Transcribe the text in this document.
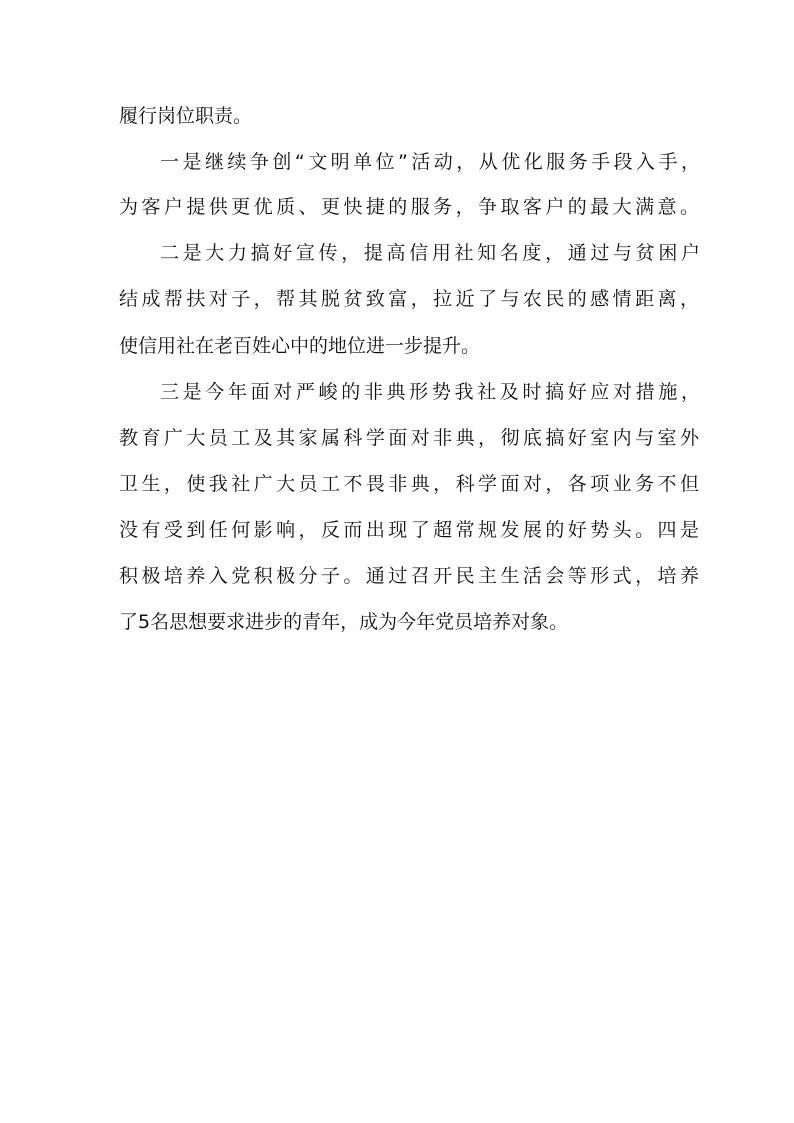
履行岗位职责。
一是继续争创“文明单位”活动，从优化服务手段入手，
为客户提供更优质、更快捷的服务，争取客户的最大满意。
二是大力搞好宣传，提高信用社知名度，通过与贫困户
结成帮扶对子，帮其脱贫致富，拉近了与农民的感情距离，
使信用社在老百姓心中的地位进一步提升。
三是今年面对严峻的非典形势我社及时搞好应对措施，
教育广大员工及其家属科学面对非典，彻底搞好室内与室外
卫生，使我社广大员工不畏非典，科学面对，各项业务不但
没有受到任何影响，反而出现了超常规发展的好势头。四是
积极培养入党积极分子。通过召开民主生活会等形式，培养
了5名思想要求进步的青年，成为今年党员培养对象。
